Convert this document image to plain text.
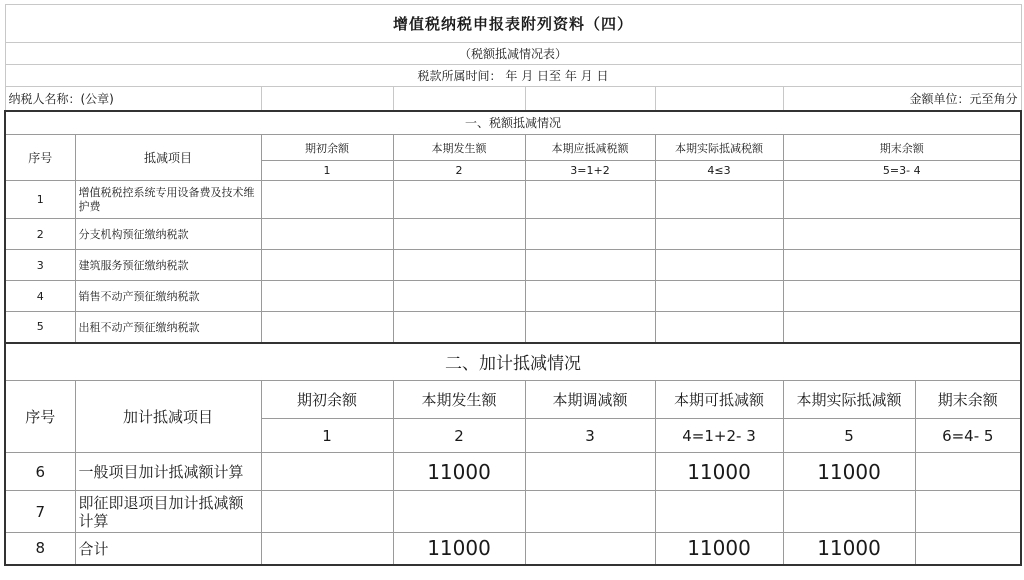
增值税纳税申报表附列资料（四）							
（税额抵减情况表）							
税款所属时间： 年 月 日至 年 月 日							
纳税人名称：(公章)						金额单位：元至角分	
一、税额抵减情况							
序号	抵减项目	期初余额	本期发生额	本期应抵减税额	本期实际抵减税额	期末余额	
		1	2	3=1+2	4≤3	5=3- 4	
1	增值税税控系统专用设备费及技术维护费						
2	分支机构预征缴纳税款						
3	建筑服务预征缴纳税款						
4	销售不动产预征缴纳税款						
5	出租不动产预征缴纳税款						
二、加计抵减情况							
序号	加计抵减项目	期初余额	本期发生额	本期调减额	本期可抵减额	本期实际抵减额	期末余额
		1	2	3	4=1+2- 3	5	6=4- 5
6	一般项目加计抵减额计算		11000		11000	11000	
7	即征即退项目加计抵减额计算						
8	合计		11000		11000	11000	
